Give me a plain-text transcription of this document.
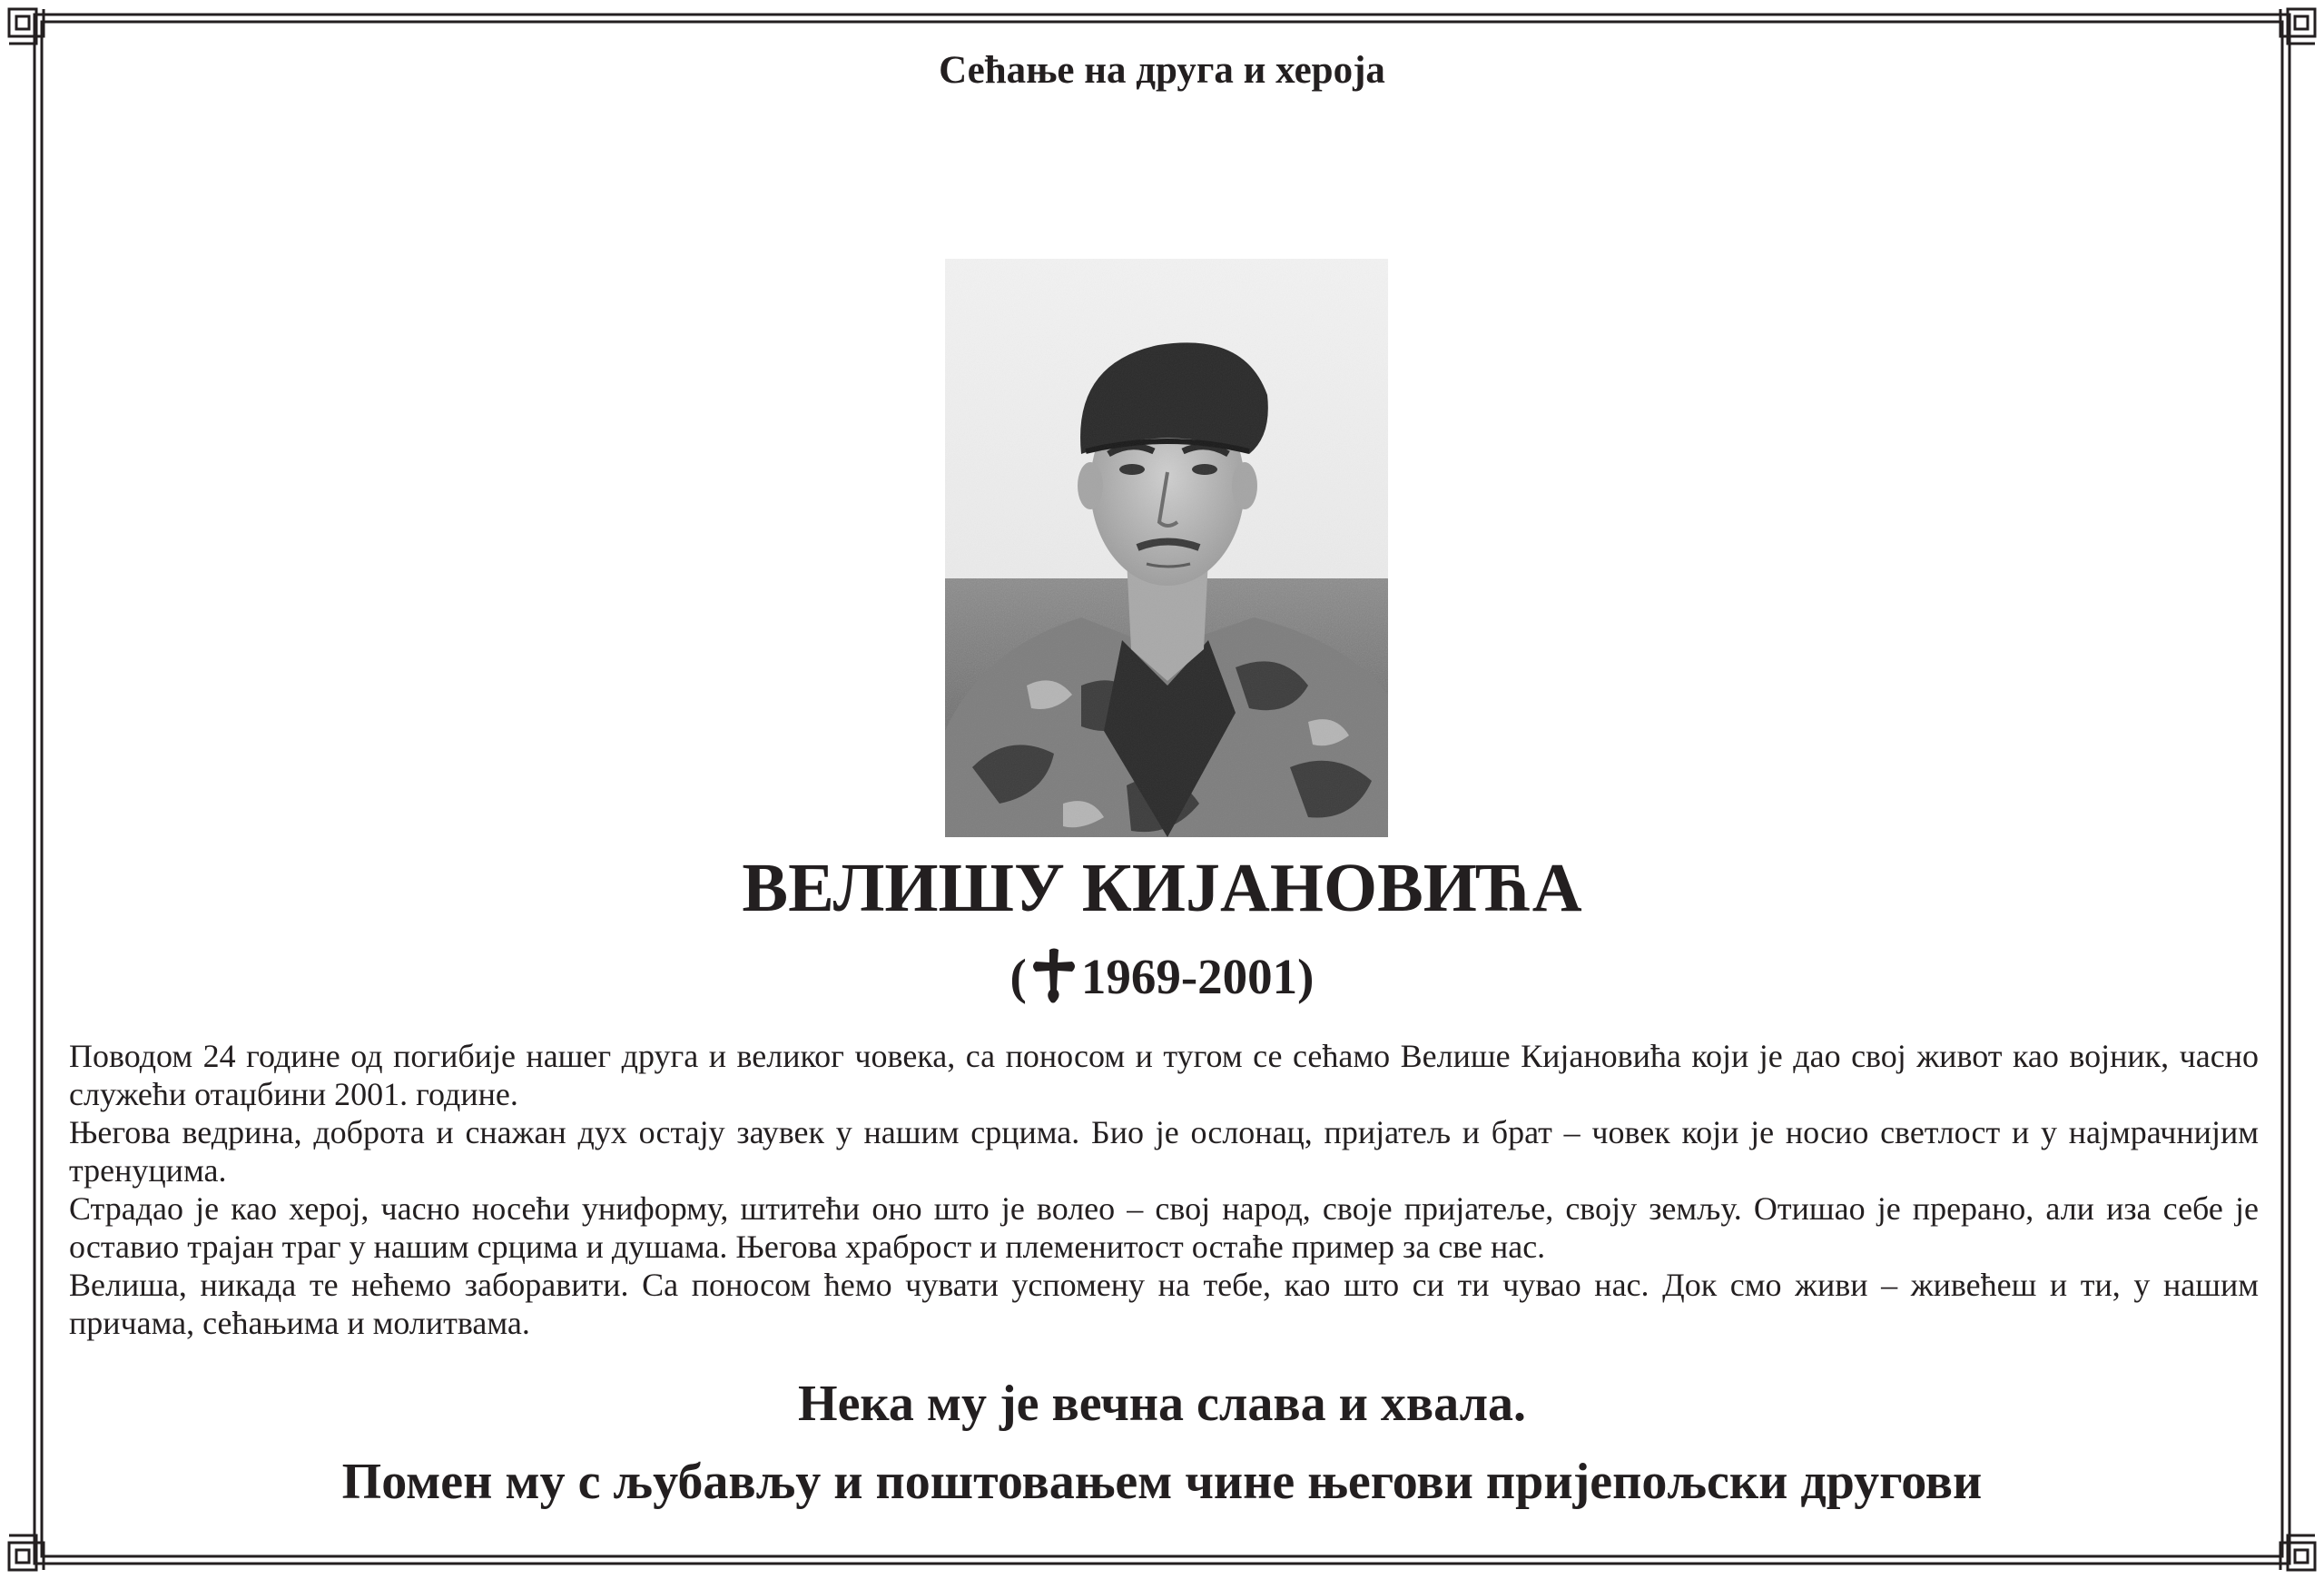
Сећање на друга и хероја
ВЕЛИШУ КИЈАНОВИЋА
( 1969-2001)

Поводом 24 године од погибије нашег друга и великог човека, са поносом и тугом се сећамо Велише Кијановића који је дао свој живот као војник, часно служећи отаџбини 2001. године.

Његова ведрина, доброта и снажан дух остају заувек у нашим срцима. Био је ослонац, пријатељ и брат – човек који је носио светлост и у најмрачнијим тренуцима.

Страдао је као херој, часно носећи униформу, штитећи оно што је волео – свој народ, своје пријатеље, своју земљу. Отишао је прерано, али иза себе је оставио трајан траг у нашим срцима и душама. Његова храброст и племенитост остаће пример за све нас.

Велиша, никада те нећемо заборавити. Са поносом ћемо чувати успомену на тебе, као што си ти чувао нас. Док смо живи – живећеш и ти, у нашим причама, сећањима и молитвама.

Нека му је вечна слава и хвала.
Помен му с љубављу и поштовањем чине његови пријепољски другови
